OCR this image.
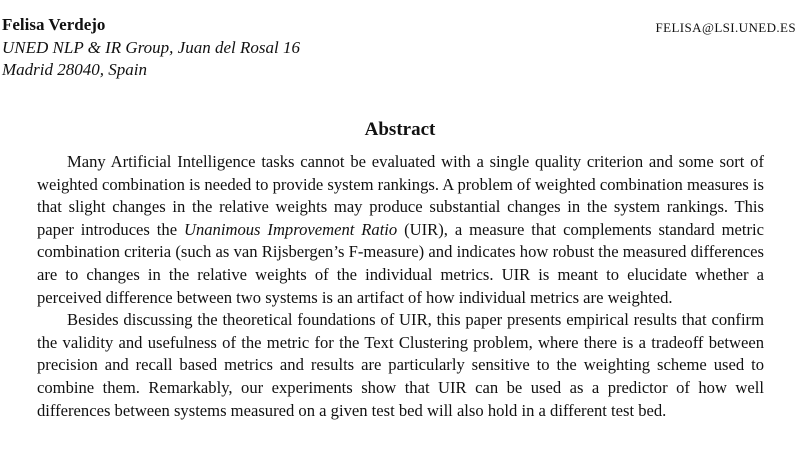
Felisa Verdejo	FELISA@LSI.UNED.ES
UNED NLP & IR Group, Juan del Rosal 16
Madrid 28040, Spain
Abstract

Many Artificial Intelligence tasks cannot be evaluated with a single quality criterion and some sort of weighted combination is needed to provide system rankings. A problem of weighted combination measures is that slight changes in the relative weights may produce substantial changes in the system rankings. This paper introduces the Unanimous Improvement Ratio (UIR), a measure that complements standard metric combination criteria (such as van Rijsbergen’s F-measure) and indicates how robust the measured differences are to changes in the relative weights of the individual metrics. UIR is meant to elucidate whether a perceived difference between two systems is an artifact of how individual metrics are weighted.

Besides discussing the theoretical foundations of UIR, this paper presents empirical results that confirm the validity and usefulness of the metric for the Text Clustering problem, where there is a tradeoff between precision and recall based metrics and results are particularly sensitive to the weighting scheme used to combine them. Remarkably, our experiments show that UIR can be used as a predictor of how well differences between systems measured on a given test bed will also hold in a different test bed.
